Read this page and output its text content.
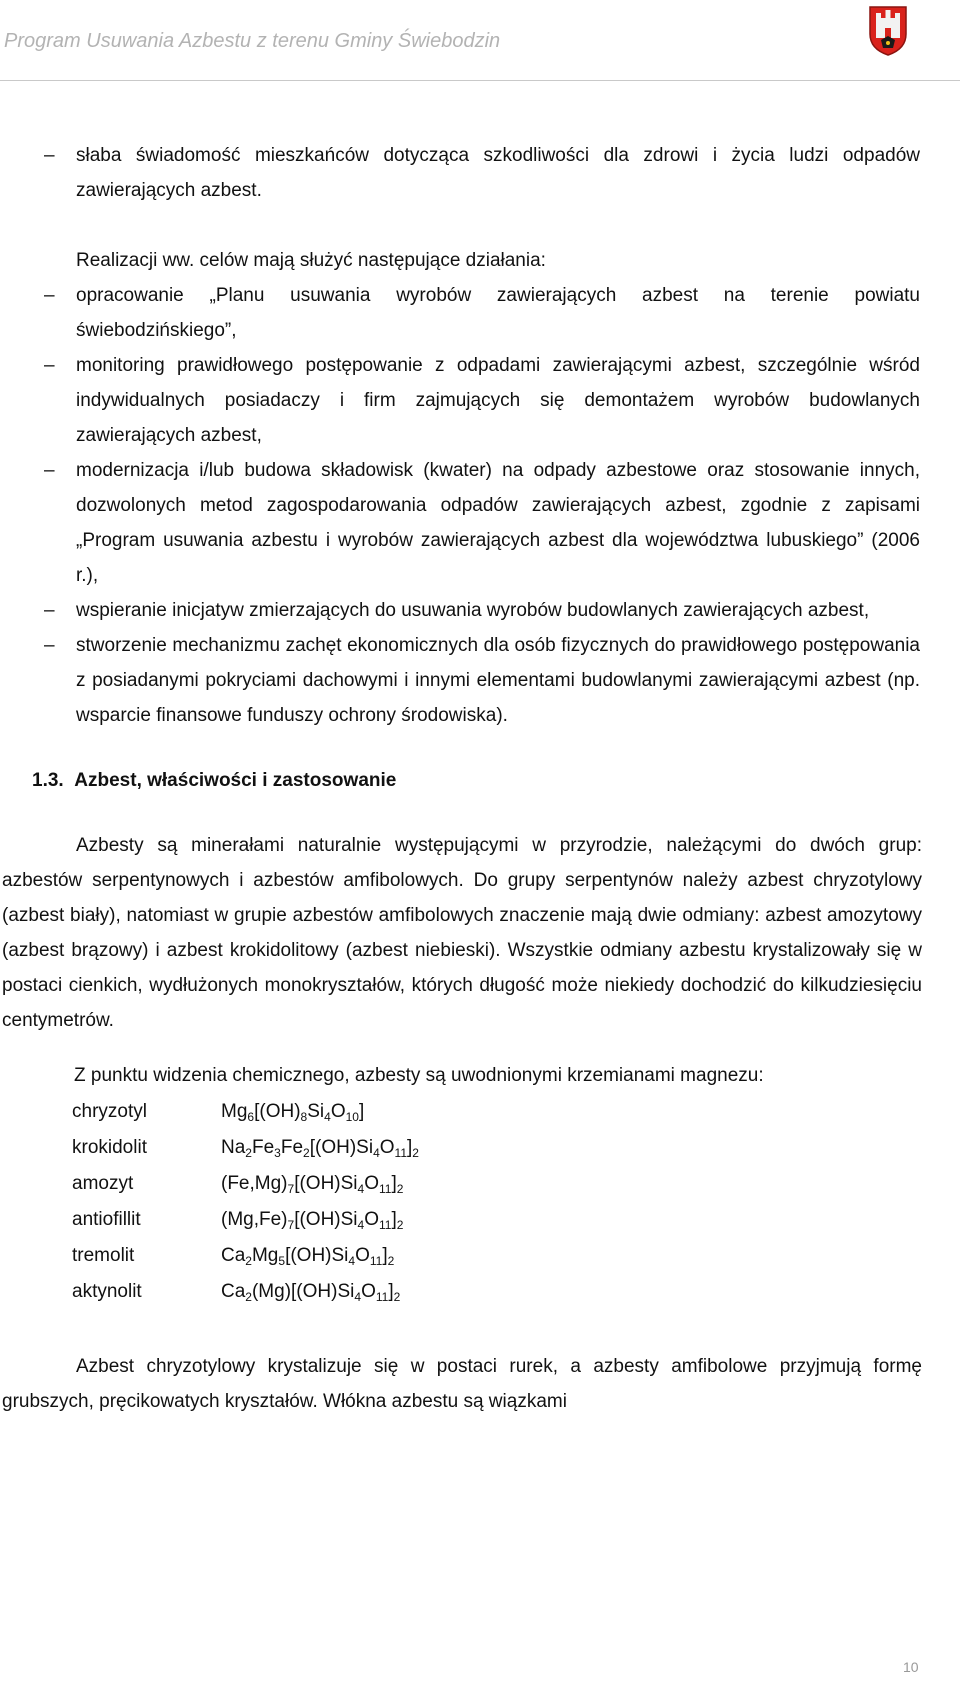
Program Usuwania Azbestu z terenu Gminy Świebodzin
– słaba świadomość mieszkańców dotycząca szkodliwości dla zdrowi i życia ludzi odpadów zawierających azbest.
Realizacji ww. celów mają służyć następujące działania:
– opracowanie „Planu usuwania wyrobów zawierających azbest na terenie powiatu świebodzińskiego”,
– monitoring prawidłowego postępowanie z odpadami zawierającymi azbest, szczególnie wśród indywidualnych posiadaczy i firm zajmujących się demontażem wyrobów budowlanych zawierających azbest,
– modernizacja i/lub budowa składowisk (kwater) na odpady azbestowe oraz stosowanie innych, dozwolonych metod zagospodarowania odpadów zawierających azbest, zgodnie z zapisami „Program usuwania azbestu i wyrobów zawierających azbest dla województwa lubuskiego” (2006 r.),
– wspieranie inicjatyw zmierzających do usuwania wyrobów budowlanych zawierających azbest,
– stworzenie mechanizmu zachęt ekonomicznych dla osób fizycznych do prawidłowego postępowania z posiadanymi pokryciami dachowymi i innymi elementami budowlanymi zawierającymi azbest (np. wsparcie finansowe funduszy ochrony środowiska).
1.3. Azbest, właściwości i zastosowanie
Azbesty są minerałami naturalnie występującymi w przyrodzie, należącymi do dwóch grup: azbestów serpentynowych i azbestów amfibolowych. Do grupy serpentynów należy azbest chryzotylowy (azbest biały), natomiast w grupie azbestów amfibolowych znaczenie mają dwie odmiany: azbest amozytowy (azbest brązowy) i azbest krokidolitowy (azbest niebieski). Wszystkie odmiany azbestu krystalizowały się w postaci cienkich, wydłużonych monokryształów, których długość może niekiedy dochodzić do kilkudziesięciu centymetrów.
Z punktu widzenia chemicznego, azbesty są uwodnionymi krzemianami magnezu:
chryzotyl	$Mg_6[(OH)_8Si_4O_{10}]$
krokidolit	$Na_2Fe_3Fe_2[(OH)Si_4O_{11}]_2$
amozyt	$(Fe,Mg)_7[(OH)Si_4O_{11}]_2$
antiofillit	$(Mg,Fe)_7[(OH)Si_4O_{11}]_2$
tremolit	$Ca_2Mg_5[(OH)Si_4O_{11}]_2$
aktynolit	$Ca_2(Mg)[(OH)Si_4O_{11}]_2$
Azbest chryzotylowy krystalizuje się w postaci rurek, a azbesty amfibolowe przyjmują formę grubszych, pręcikowatych kryształów. Włókna azbestu są wiązkami
10
